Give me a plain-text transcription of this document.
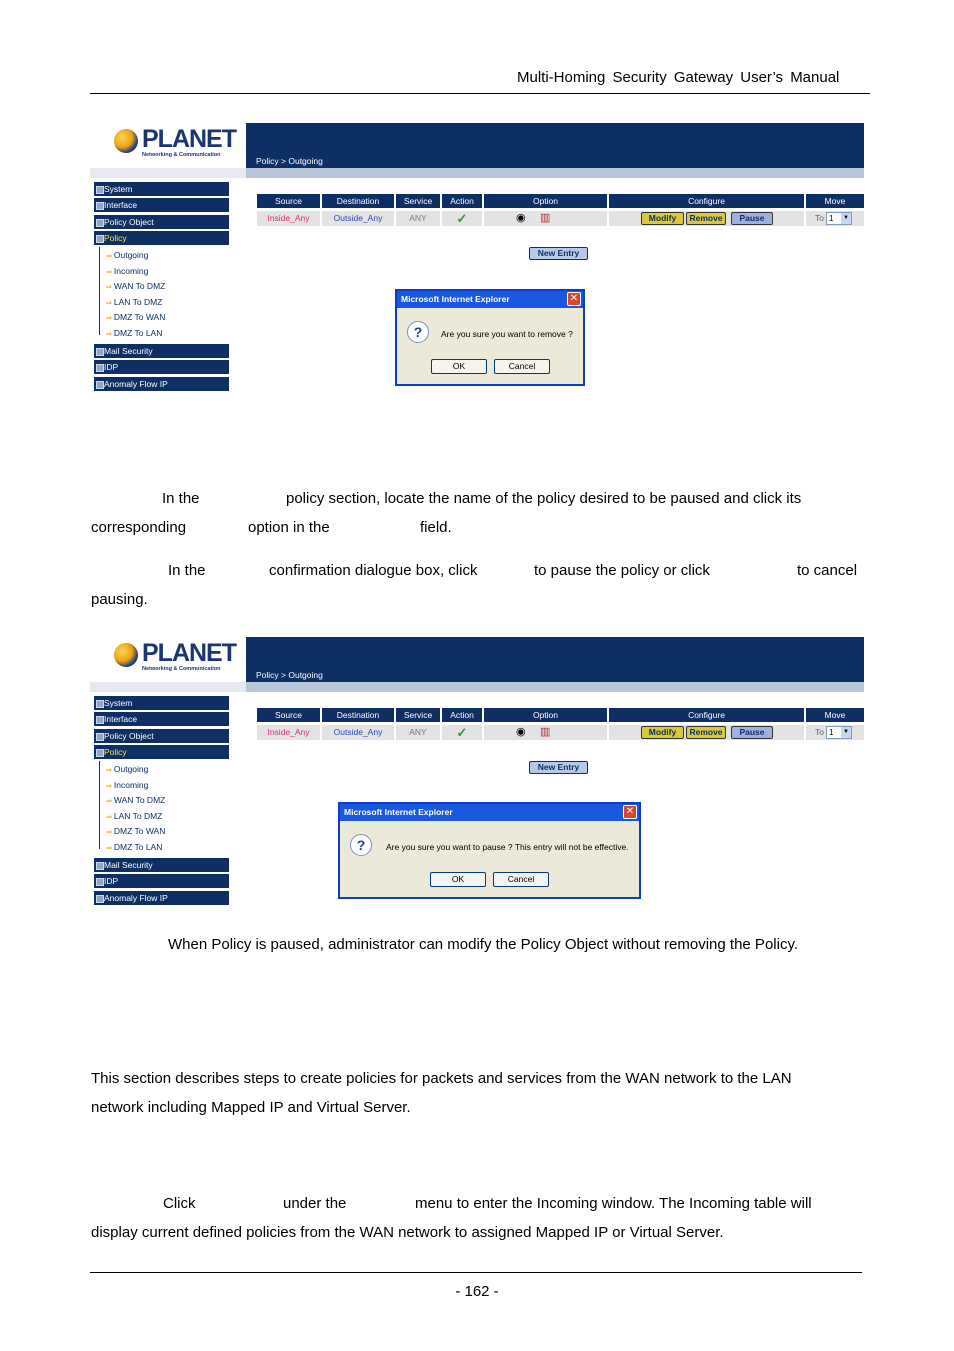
Multi-Homing Security Gateway User’s Manual
PLANET
Networking & Communication
Policy > Outgoing
System
Interface
Policy Object
Policy
⇒ Outgoing
⇒ Incoming
⇒ WAN To DMZ
⇒ LAN To DMZ
⇒ DMZ To WAN
⇒ DMZ To LAN
Mail Security
IDP
Anomaly Flow IP
Source	Destination	Service	Action	Option	Configure	Move
Inside_Any	Outside_Any	ANY	✓	◉ ▥	Modify	Remove	Pause	To 1	▼
New Entry
Microsoft Internet Explorer	✕
?	Are you sure you want to remove ?
OK	Cancel
In the	policy section, locate the name of the policy desired to be paused and click its
corresponding	option in the	field.
In the	confirmation dialogue box, click	to pause the policy or click	to cancel
pausing.
PLANET
Networking & Communication
Policy > Outgoing
System
Interface
Policy Object
Policy
⇒ Outgoing
⇒ Incoming
⇒ WAN To DMZ
⇒ LAN To DMZ
⇒ DMZ To WAN
⇒ DMZ To LAN
Mail Security
IDP
Anomaly Flow IP
Source	Destination	Service	Action	Option	Configure	Move
Inside_Any	Outside_Any	ANY	✓	◉ ▥	Modify	Remove	Pause	To 1	▼
New Entry
Microsoft Internet Explorer	✕
?	Are you sure you want to pause ? This entry will not be effective.
OK	Cancel
When Policy is paused, administrator can modify the Policy Object without removing the Policy.
This section describes steps to create policies for packets and services from the WAN network to the LAN
network including Mapped IP and Virtual Server.
Click	under the	menu to enter the Incoming window. The Incoming table will
display current defined policies from the WAN network to assigned Mapped IP or Virtual Server.
- 162 -
